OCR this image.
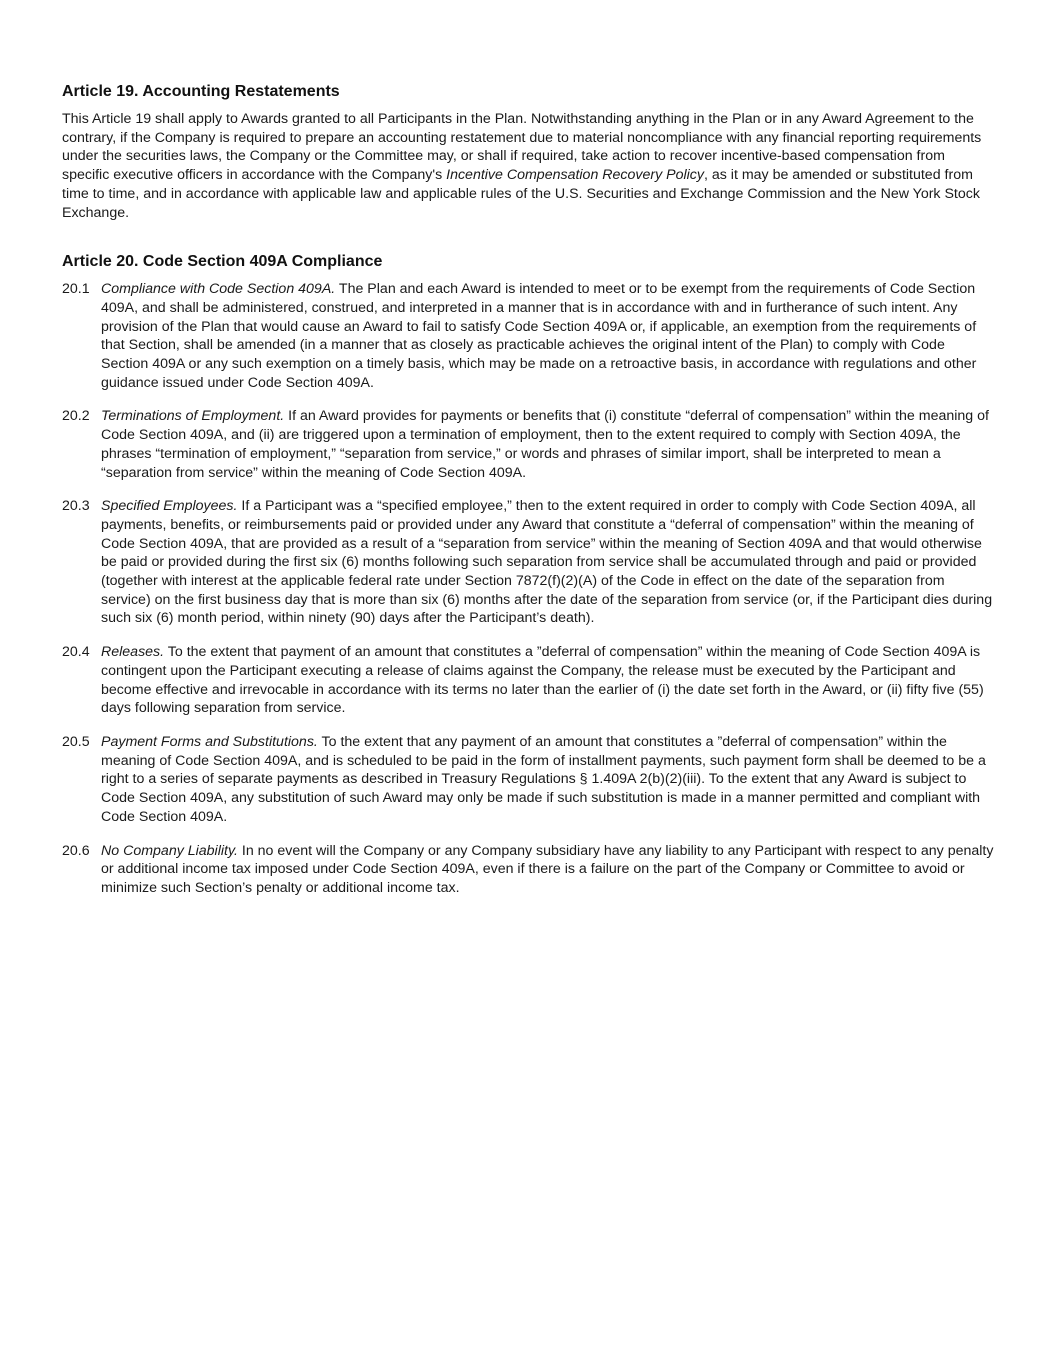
Article 19. Accounting Restatements

This Article 19 shall apply to Awards granted to all Participants in the Plan. Notwithstanding anything in the Plan or in any Award Agreement to the contrary, if the Company is required to prepare an accounting restatement due to material noncompliance with any financial reporting requirements under the securities laws, the Company or the Committee may, or shall if required, take action to recover incentive-based compensation from specific executive officers in accordance with the Company's Incentive Compensation Recovery Policy, as it may be amended or substituted from time to time, and in accordance with applicable law and applicable rules of the U.S. Securities and Exchange Commission and the New York Stock Exchange.

Article 20. Code Section 409A Compliance
20.1 Compliance with Code Section 409A. The Plan and each Award is intended to meet or to be exempt from the requirements of Code Section 409A, and shall be administered, construed, and interpreted in a manner that is in accordance with and in furtherance of such intent. Any provision of the Plan that would cause an Award to fail to satisfy Code Section 409A or, if applicable, an exemption from the requirements of that Section, shall be amended (in a manner that as closely as practicable achieves the original intent of the Plan) to comply with Code Section 409A or any such exemption on a timely basis, which may be made on a retroactive basis, in accordance with regulations and other guidance issued under Code Section 409A.
20.2 Terminations of Employment. If an Award provides for payments or benefits that (i) constitute “deferral of compensation” within the meaning of Code Section 409A, and (ii) are triggered upon a termination of employment, then to the extent required to comply with Section 409A, the phrases “termination of employment,” “separation from service,” or words and phrases of similar import, shall be interpreted to mean a “separation from service” within the meaning of Code Section 409A.
20.3 Specified Employees. If a Participant was a “specified employee,” then to the extent required in order to comply with Code Section 409A, all payments, benefits, or reimbursements paid or provided under any Award that constitute a “deferral of compensation” within the meaning of Code Section 409A, that are provided as a result of a “separation from service” within the meaning of Section 409A and that would otherwise be paid or provided during the first six (6) months following such separation from service shall be accumulated through and paid or provided (together with interest at the applicable federal rate under Section 7872(f)(2)(A) of the Code in effect on the date of the separation from service) on the first business day that is more than six (6) months after the date of the separation from service (or, if the Participant dies during such six (6) month period, within ninety (90) days after the Participant’s death).
20.4 Releases. To the extent that payment of an amount that constitutes a ”deferral of compensation” within the meaning of Code Section 409A is contingent upon the Participant executing a release of claims against the Company, the release must be executed by the Participant and become effective and irrevocable in accordance with its terms no later than the earlier of (i) the date set forth in the Award, or (ii) fifty five (55) days following separation from service.
20.5 Payment Forms and Substitutions. To the extent that any payment of an amount that constitutes a ”deferral of compensation” within the meaning of Code Section 409A, and is scheduled to be paid in the form of installment payments, such payment form shall be deemed to be a right to a series of separate payments as described in Treasury Regulations § 1.409A 2(b)(2)(iii). To the extent that any Award is subject to Code Section 409A, any substitution of such Award may only be made if such substitution is made in a manner permitted and compliant with Code Section 409A.
20.6 No Company Liability. In no event will the Company or any Company subsidiary have any liability to any Participant with respect to any penalty or additional income tax imposed under Code Section 409A, even if there is a failure on the part of the Company or Committee to avoid or minimize such Section’s penalty or additional income tax.
